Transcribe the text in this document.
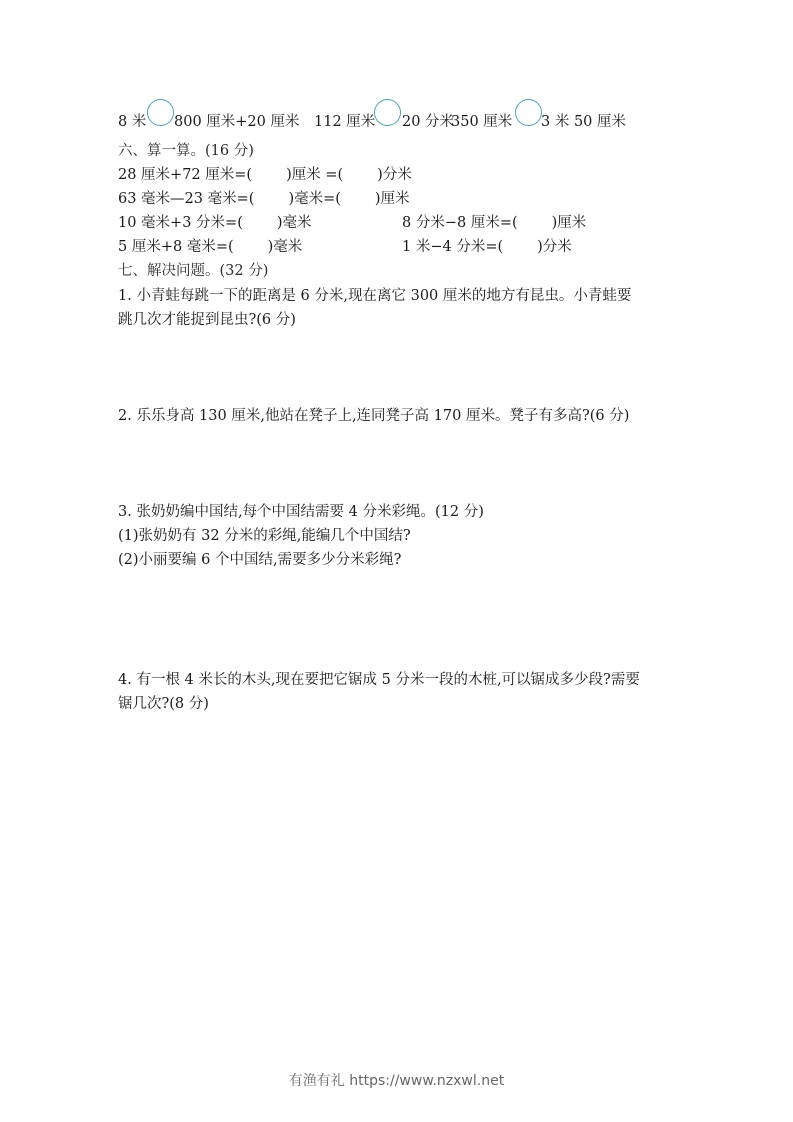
8 米 800 厘米+20 厘米 112 厘米 20 分米
350 厘米 3 米 50 厘米
六、算一算。(16 分)
28 厘米+72 厘米=( )厘米 =( )分米
63 毫米—23 毫米=( )毫米=( )厘米
10 毫米+3 分米=( )毫米	8 分米−8 厘米=( )厘米
5 厘米+8 毫米=( )毫米	1 米−4 分米=( )分米
七、解决问题。(32 分)
1. 小青蛙每跳一下的距离是 6 分米,现在离它 300 厘米的地方有昆虫。小青蛙要
跳几次才能捉到昆虫?(6 分)
2. 乐乐身高 130 厘米,他站在凳子上,连同凳子高 170 厘米。凳子有多高?(6 分)
3. 张奶奶编中国结,每个中国结需要 4 分米彩绳。(12 分)
(1)张奶奶有 32 分米的彩绳,能编几个中国结?
(2)小丽要编 6 个中国结,需要多少分米彩绳?
4. 有一根 4 米长的木头,现在要把它锯成 5 分米一段的木桩,可以锯成多少段?需要
锯几次?(8 分)
有渔有礼 https://www.nzxwl.net
